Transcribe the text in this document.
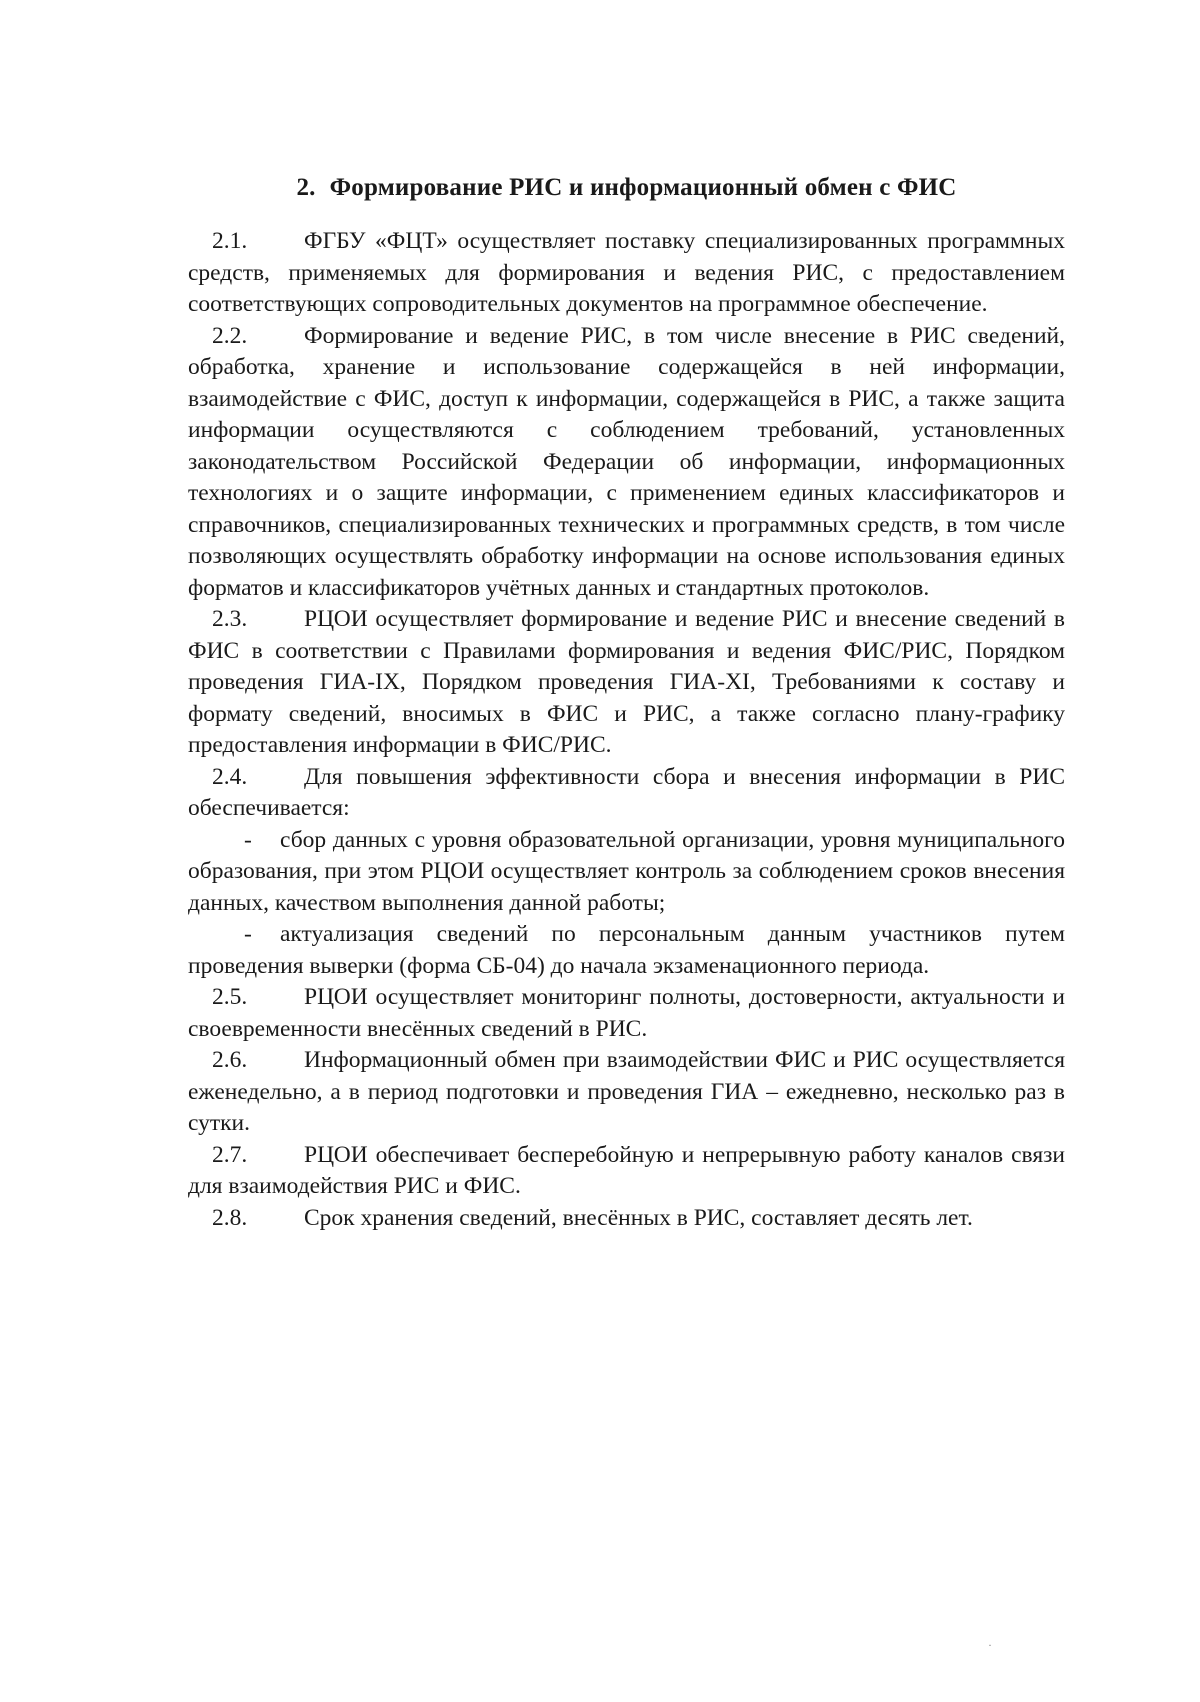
2. Формирование РИС и информационный обмен с ФИС

2.1. ФГБУ «ФЦТ» осуществляет поставку специализированных программных средств, применяемых для формирования и ведения РИС, с предоставлением соответствующих сопроводительных документов на программное обеспечение.

2.2. Формирование и ведение РИС, в том числе внесение в РИС сведений, обработка, хранение и использование содержащейся в ней информации, взаимодействие с ФИС, доступ к информации, содержащейся в РИС, а также защита информации осуществляются с соблюдением требований, установленных законодательством Российской Федерации об информации, информационных технологиях и о защите информации, с применением единых классификаторов и справочников, специализированных технических и программных средств, в том числе позволяющих осуществлять обработку информации на основе использования единых форматов и классификаторов учётных данных и стандартных протоколов.

2.3. РЦОИ осуществляет формирование и ведение РИС и внесение сведений в ФИС в соответствии с Правилами формирования и ведения ФИС/РИС, Порядком проведения ГИА-IX, Порядком проведения ГИА-XI, Требованиями к составу и формату сведений, вносимых в ФИС и РИС, а также согласно плану-графику предоставления информации в ФИС/РИС.

2.4. Для повышения эффективности сбора и внесения информации в РИС обеспечивается:

- сбор данных с уровня образовательной организации, уровня муниципального образования, при этом РЦОИ осуществляет контроль за соблюдением сроков внесения данных, качеством выполнения данной работы;

- актуализация сведений по персональным данным участников путем проведения выверки (форма СБ-04) до начала экзаменационного периода.

2.5. РЦОИ осуществляет мониторинг полноты, достоверности, актуальности и своевременности внесённых сведений в РИС.

2.6. Информационный обмен при взаимодействии ФИС и РИС осуществляется еженедельно, а в период подготовки и проведения ГИА – ежедневно, несколько раз в сутки.

2.7. РЦОИ обеспечивает бесперебойную и непрерывную работу каналов связи для взаимодействия РИС и ФИС.

2.8. Срок хранения сведений, внесённых в РИС, составляет десять лет.

·
